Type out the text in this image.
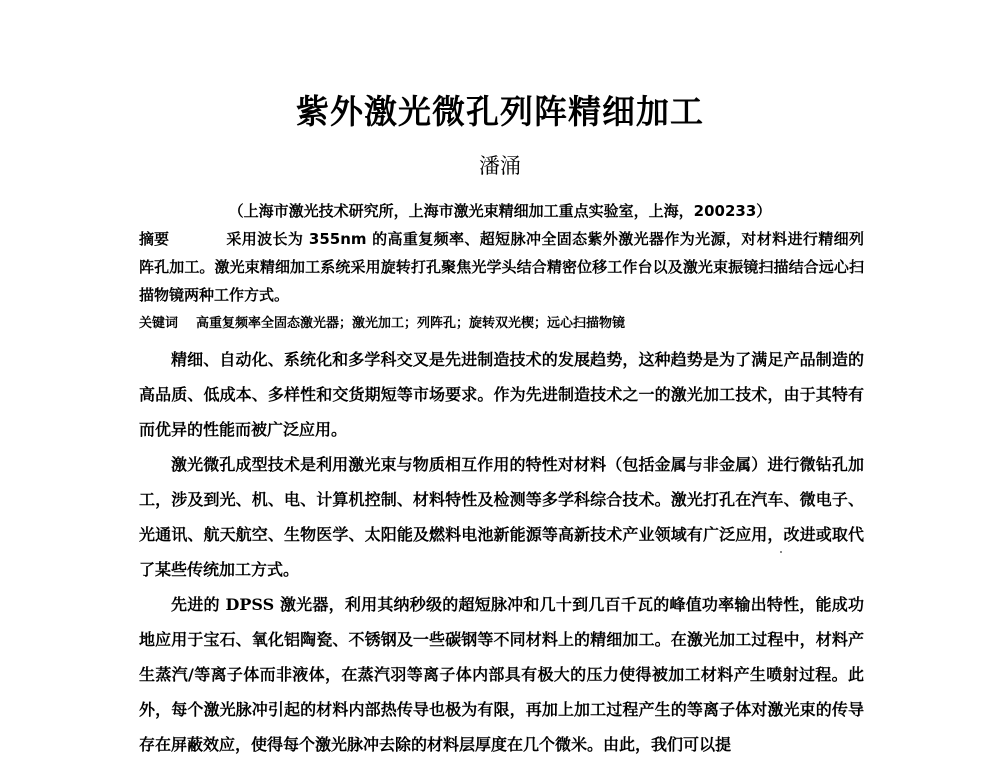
紫外激光微孔列阵精细加工
潘涌
（上海市激光技术研究所，上海市激光束精细加工重点实验室，上海，200233）
摘要	采用波长为 355nm 的高重复频率、超短脉冲全固态紫外激光器作为光源，对材料进行精细列阵孔加工。激光束精细加工系统采用旋转打孔聚焦光学头结合精密位移工作台以及激光束振镜扫描结合远心扫描物镜两种工作方式。
关键词 高重复频率全固态激光器；激光加工；列阵孔；旋转双光楔；远心扫描物镜

精细、自动化、系统化和多学科交叉是先进制造技术的发展趋势，这种趋势是为了满足产品制造的高品质、低成本、多样性和交货期短等市场要求。作为先进制造技术之一的激光加工技术，由于其特有而优异的性能而被广泛应用。

激光微孔成型技术是利用激光束与物质相互作用的特性对材料（包括金属与非金属）进行微钻孔加工，涉及到光、机、电、计算机控制、材料特性及检测等多学科综合技术。激光打孔在汽车、微电子、光通讯、航天航空、生物医学、太阳能及燃料电池新能源等高新技术产业领域有广泛应用，改进或取代了某些传统加工方式。

先进的 DPSS 激光器，利用其纳秒级的超短脉冲和几十到几百千瓦的峰值功率输出特性，能成功地应用于宝石、氧化铝陶瓷、不锈钢及一些碳钢等不同材料上的精细加工。在激光加工过程中，材料产生蒸汽/等离子体而非液体，在蒸汽羽等离子体内部具有极大的压力使得被加工材料产生喷射过程。此外，每个激光脉冲引起的材料内部热传导也极为有限，再加上加工过程产生的等离子体对激光束的传导存在屏蔽效应，使得每个激光脉冲去除的材料层厚度在几个微米。由此，我们可以提
